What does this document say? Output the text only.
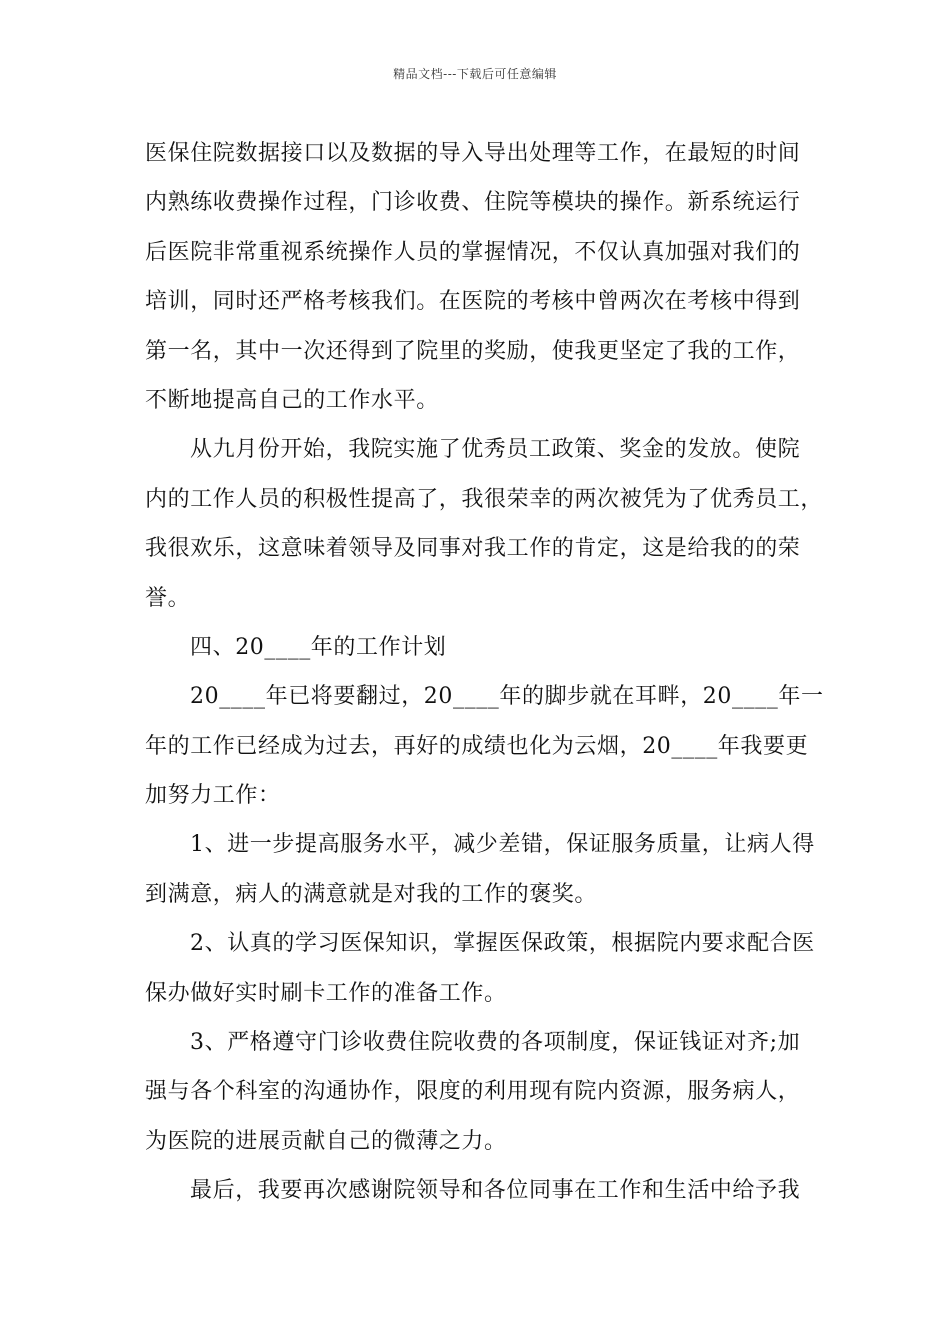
精品文档---下载后可任意编辑
医保住院数据接口以及数据的导入导出处理等工作，在最短的时间
内熟练收费操作过程，门诊收费、住院等模块的操作。新系统运行
后医院非常重视系统操作人员的掌握情况，不仅认真加强对我们的
培训，同时还严格考核我们。在医院的考核中曾两次在考核中得到
第一名，其中一次还得到了院里的奖励，使我更坚定了我的工作，
不断地提高自己的工作水平。
从九月份开始，我院实施了优秀员工政策、奖金的发放。使院
内的工作人员的积极性提高了，我很荣幸的两次被凭为了优秀员工，
我很欢乐，这意味着领导及同事对我工作的肯定，这是给我的的荣
誉。
四、20____年的工作计划
20____年已将要翻过，20____年的脚步就在耳畔，20____年一
年的工作已经成为过去，再好的成绩也化为云烟，20____年我要更
加努力工作：
1、进一步提高服务水平，减少差错，保证服务质量，让病人得
到满意，病人的满意就是对我的工作的褒奖。
2、认真的学习医保知识，掌握医保政策，根据院内要求配合医
保办做好实时刷卡工作的准备工作。
3、严格遵守门诊收费住院收费的各项制度，保证钱证对齐;加
强与各个科室的沟通协作，限度的利用现有院内资源，服务病人，
为医院的进展贡献自己的微薄之力。
最后，我要再次感谢院领导和各位同事在工作和生活中给予我
